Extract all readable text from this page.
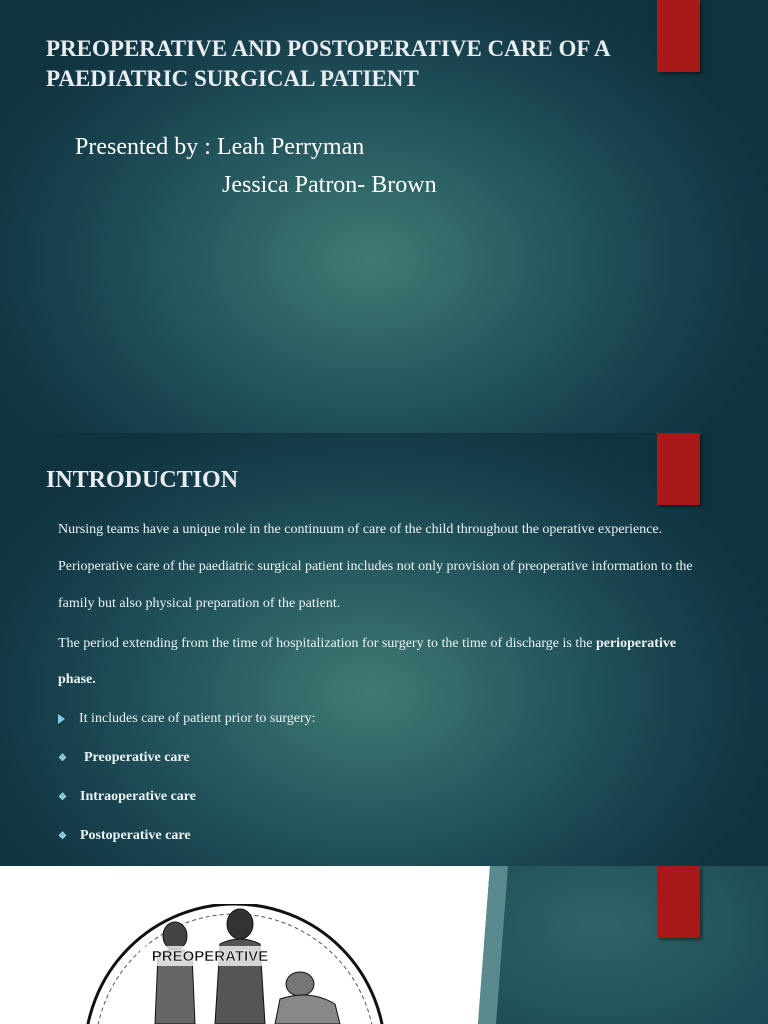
PREOPERATIVE AND POSTOPERATIVE CARE OF A PAEDIATRIC SURGICAL PATIENT
Presented by : Leah Perryman
Jessica Patron- Brown
INTRODUCTION

Nursing teams have a unique role in the continuum of care of the child throughout the operative experience.

Perioperative care of the paediatric surgical patient includes not only provision of preoperative information to the

family but also physical preparation of the patient.

The period extending from the time of hospitalization for surgery to the time of discharge is the perioperative

phase.

It includes care of patient prior to surgery:
❖	Preoperative care
❖ Intraoperative care
❖ Postoperative care
PREOPERATIVE
